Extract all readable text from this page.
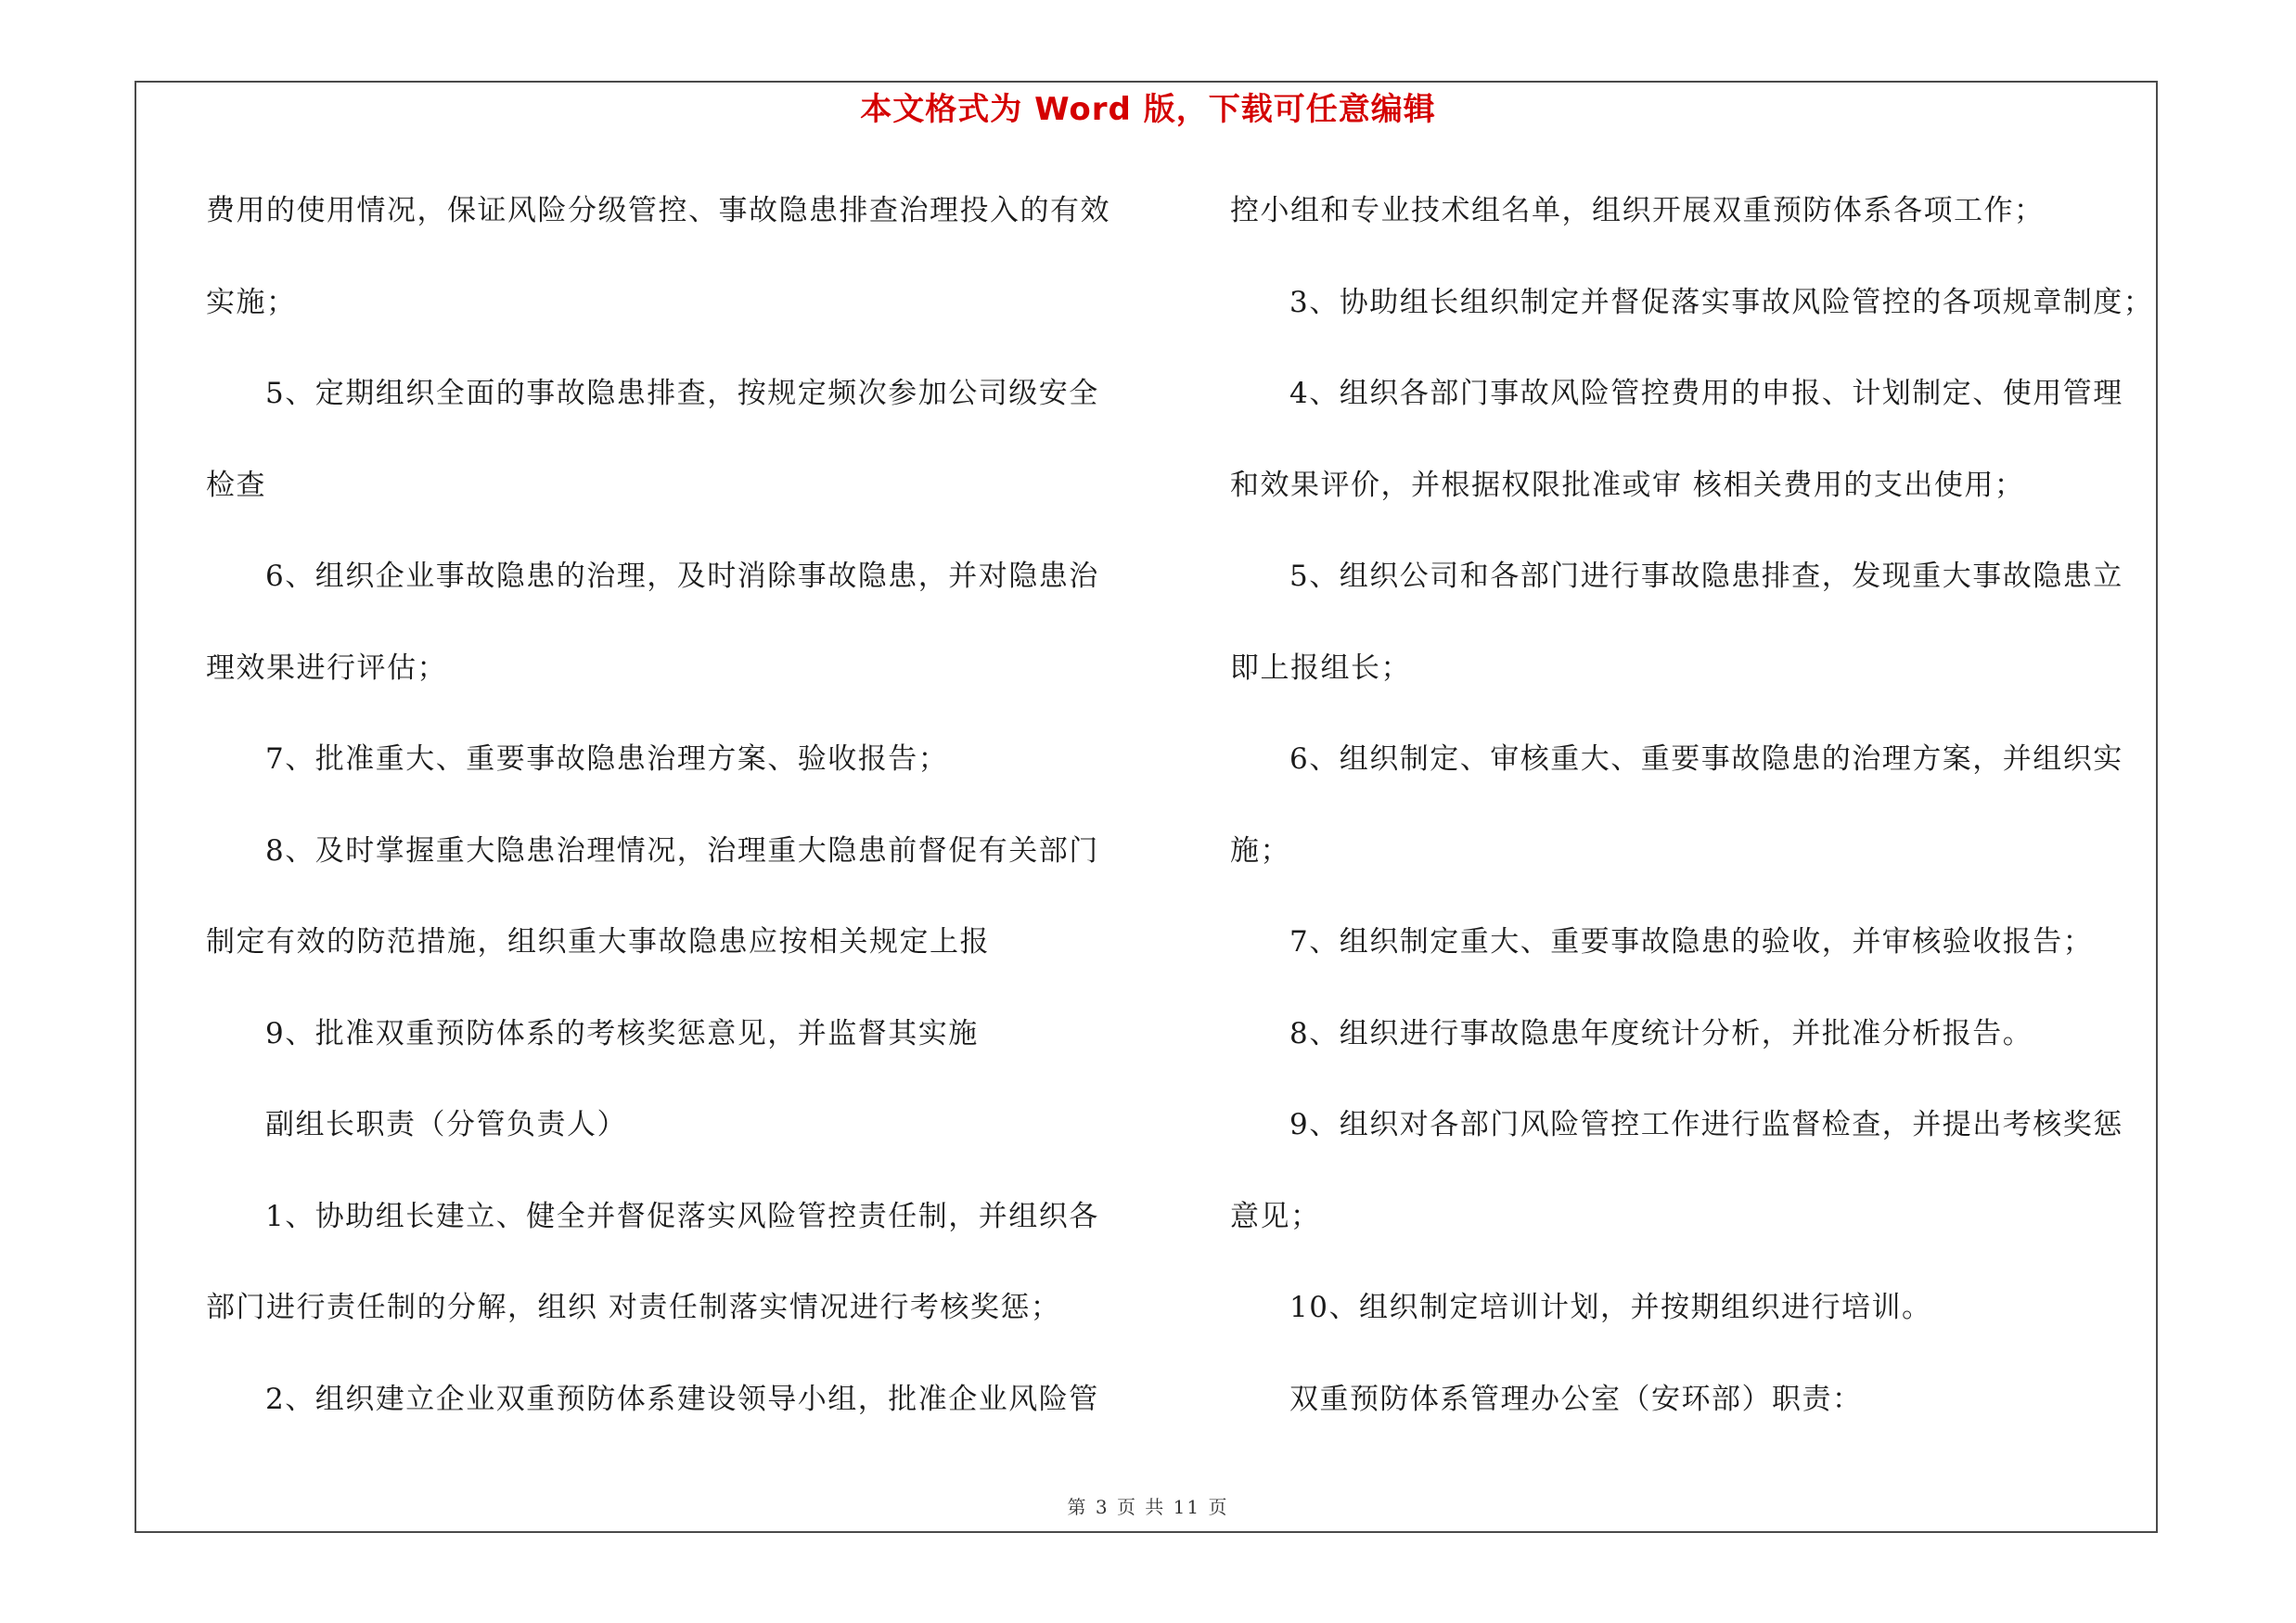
本文格式为 Word 版，下载可任意编辑
费用的使用情况，保证风险分级管控、事故隐患排查治理投入的有效
实施；
5、定期组织全面的事故隐患排查，按规定频次参加公司级安全
检查
6、组织企业事故隐患的治理，及时消除事故隐患，并对隐患治
理效果进行评估；
7、批准重大、重要事故隐患治理方案、验收报告；
8、及时掌握重大隐患治理情况，治理重大隐患前督促有关部门
制定有效的防范措施，组织重大事故隐患应按相关规定上报
9、批准双重预防体系的考核奖惩意见，并监督其实施
副组长职责（分管负责人）
1、协助组长建立、健全并督促落实风险管控责任制，并组织各
部门进行责任制的分解，组织 对责任制落实情况进行考核奖惩；
2、组织建立企业双重预防体系建设领导小组，批准企业风险管
控小组和专业技术组名单，组织开展双重预防体系各项工作；
3、协助组长组织制定并督促落实事故风险管控的各项规章制度；
4、组织各部门事故风险管控费用的申报、计划制定、使用管理
和效果评价，并根据权限批准或审 核相关费用的支出使用；
5、组织公司和各部门进行事故隐患排查，发现重大事故隐患立
即上报组长；
6、组织制定、审核重大、重要事故隐患的治理方案，并组织实
施；
7、组织制定重大、重要事故隐患的验收，并审核验收报告；
8、组织进行事故隐患年度统计分析，并批准分析报告。
9、组织对各部门风险管控工作进行监督检查，并提出考核奖惩
意见；
10、组织制定培训计划，并按期组织进行培训。
双重预防体系管理办公室（安环部）职责：
第 3 页 共 11 页
